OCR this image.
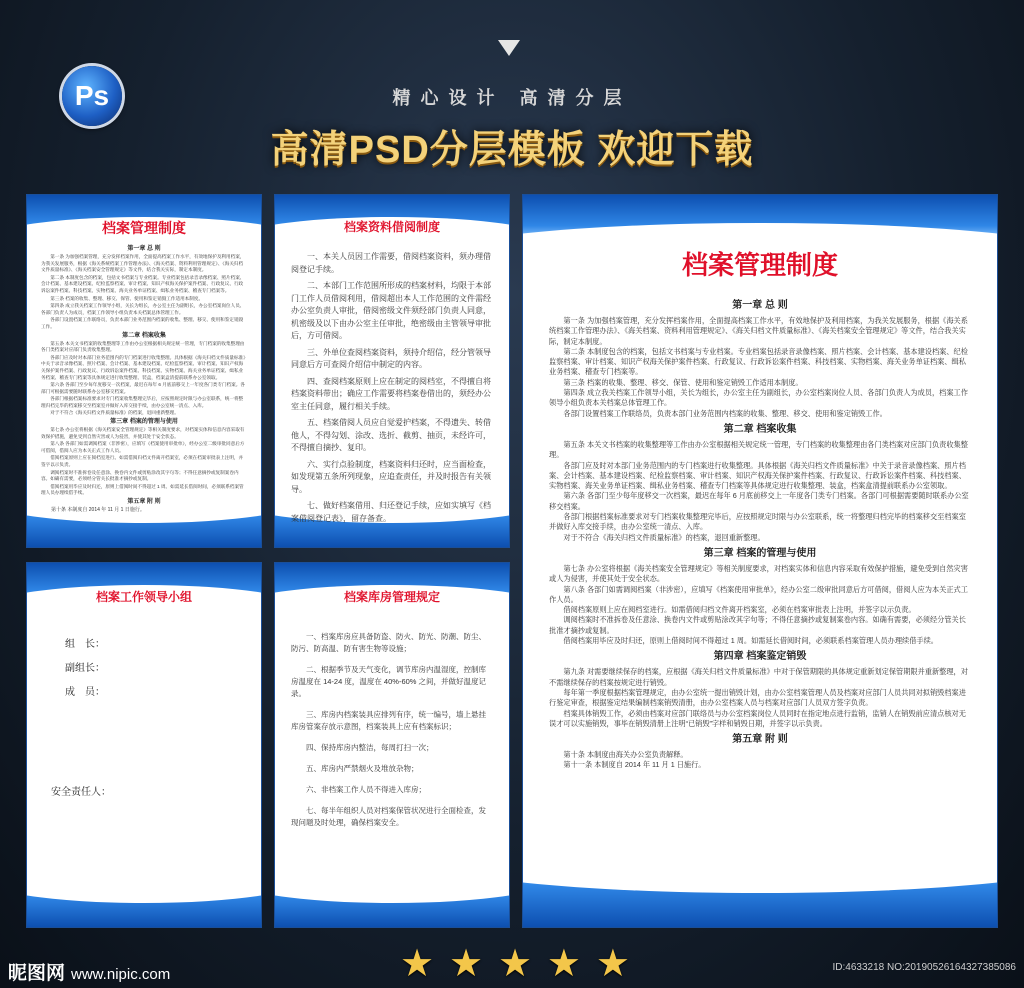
Ps	精心设计 高清分层
高清PSD分层模板 欢迎下载
档案管理制度
第一章 总 则

第一条 为加强档案管理，充分发挥档案作用，全面提高档案工作水平，有效地保护及利用档案，为我关发展服务，根据《海关系统档案工作管理办法》、《海关档案、资料利用管理规定》、《海关归档文件质量标准》、《海关档案安全管理规定》等文件，结合我关实际，制定本制度。

第二条 本制度包含的档案，包括文书档案与专业档案。专业档案包括录音录像档案、照片档案、会计档案、基本建设档案、纪检监察档案、审计档案、知识产权海关保护案件档案、行政复议、行政诉讼案件档案、科技档案、实物档案、海关业务单证档案、缉私业务档案、稽查专门档案等。

第三条 档案的收集、整理、移交、保管、使用和鉴定销毁工作适用本制度。

第四条 成立我关档案工作领导小组，关长为组长，办公室主任为副组长，办公室档案岗位人员、各部门负责人为成员，档案工作领导小组负责本关档案总体管理工作。

各部门设置档案工作联络员，负责本部门业务范围内档案的收集、整理、移交、使用和鉴定销毁工作。

第二章 档案收集

第五条 本关文书档案的收集整理等工作由办公室根据相关规定统一管理，专门档案的收集整理由各门类档案对应部门负责收集整理。

各部门应及时对本部门业务范围内的专门档案进行收集整理。具体根据《海关归档文件质量标准》中关于录音录像档案、照片档案、会计档案、基本建设档案、纪检监察档案、审计档案、知识产权海关保护案件档案、行政复议、行政诉讼案件档案、科技档案、实物档案、海关业务单证档案、缉私业务档案、稽查专门档案等具体规定进行收集整理、装盒，档案盒清提前联系办公室领取。

第六条 各部门至少每年度移交一次档案，最迟在每年 6 月底前移交上一年度各门类专门档案。各部门可根据需要随时联系办公室移交档案。

各部门根据档案标准要求对专门档案收集整理完毕后，应按照规定时限与办公室联系，统一将整理归档完毕的档案移交至档案室并做好入库交接手续，由办公室统一清点、入库。

对于不符合《海关归档文件质量标准》的档案，退回重新整理。

第三章 档案的管理与使用

第七条 办公室将根据《海关档案安全管理规定》等相关制度要求，对档案实体和信息内容采取有效保护措施，避免受到自然灾害或人为侵害，并使其处于安全状态。

第八条 各部门如需调阅档案（非涉密），应填写《档案使用审批单》，经办公室二级审批同意后方可借阅，借阅人应为本关正式工作人员。

借阅档案原则上应在阅档室进行。如需借阅归档文件离开档案室，必须在档案审批表上注明，并签字以示负责。

调阅档案时不准拆卷及任意涂、换卷内文件或剪贴涂改其字句等；不得任意摘抄或复制案卷内容。如确有需要，必须经分管关长批准才摘抄或复制。

借阅档案用毕应及时归还，原则上借阅时间不得超过 1 周。如需延长借阅时间，必须联系档案管理人员办理续借手续。

第五章 附 则
第十条 本制度自 2014 年 11 月 1 日施行。
档案资料借阅制度

一、本关人员因工作需要，借阅档案资料，须办理借阅登记手续。

二、本部门工作范围所形成的档案材料，均限于本部门工作人员借阅利用，借阅超出本人工作范围的文件需经办公室负责人审批，借阅密级文件须经部门负责人同意，机密级及以下由办公室主任审批，绝密级由主管领导审批后，方可借阅。

三、外单位查阅档案资料，须持介绍信，经分管领导同意后方可查阅介绍信中制定的内容。

四、查阅档案原则上应在制定的阅档室，不得擅自将档案资料带出；确应工作需要将档案卷借出的，须经办公室主任同意，履行相关手续。

五、档案借阅人员应自觉爱护档案，不得遗失、转借他人，不得勾划、涂改、选折、截剪、抽页，未经许可，不得擅自摘抄、复印。

六、实行点验制度，档案资料归还时，应当面检查，如发现第五条所列现象，应追查责任，并及时报告有关领导。

七、做好档案借用、归还登记手续，应如实填写《档案借阅登记表》，留存备查。

档案工作领导小组
组　长：
副组长：
成　员：
安全责任人：
档案库房管理规定

一、档案库房应具备防盗、防火、防光、防潮、防尘、防污、防高温、防有害生物等设施；

二、根据季节及天气变化，调节库房内温湿度，控制库房温度在 14-24 度，温度在 40%-60% 之间，并做好温度记录。

三、库房内档案装具应排列有序，统一编号，墙上悬挂库房管案存放示意图，档案装具上应有档案标识；

四、保持库房内整洁，每周打扫一次；

五、库房内严禁烟火及堆放杂物；

六、非档案工作人员不得进入库房；

七、每半年组织人员对档案保管状况进行全面检查，发现问题及时处理，确保档案安全。

档案管理制度
第一章 总 则

第一条 为加强档案管理，充分发挥档案作用，全面提高档案工作水平，有效地保护及利用档案，为我关发展服务，根据《海关系统档案工作管理办法》、《海关档案、资料利用管理规定》、《海关归档文件质量标准》、《海关档案安全管理规定》等文件，结合我关实际，制定本制度。

第二条 本制度包含的档案，包括文书档案与专业档案。专业档案包括录音录像档案、照片档案、会计档案、基本建设档案、纪检监察档案、审计档案、知识产权海关保护案件档案、行政复议、行政诉讼案件档案、科技档案、实物档案、海关业务单证档案、缉私业务档案、稽查专门档案等。

第三条 档案的收集、整理、移交、保管、使用和鉴定销毁工作适用本制度。

第四条 成立我关档案工作领导小组，关长为组长，办公室主任为副组长，办公室档案岗位人员、各部门负责人为成员，档案工作领导小组负责本关档案总体管理工作。

各部门设置档案工作联络员，负责本部门业务范围内档案的收集、整理、移交、使用和鉴定销毁工作。

第二章 档案收集

第五条 本关文书档案的收集整理等工作由办公室根据相关规定统一管理，专门档案的收集整理由各门类档案对应部门负责收集整理。

各部门应及时对本部门业务范围内的专门档案进行收集整理。具体根据《海关归档文件质量标准》中关于录音录像档案、照片档案、会计档案、基本建设档案、纪检监察档案、审计档案、知识产权海关保护案件档案、行政复议、行政诉讼案件档案、科技档案、实物档案、海关业务单证档案、缉私业务档案、稽查专门档案等具体规定进行收集整理、装盒，档案盒清提前联系办公室领取。

第六条 各部门至少每年度移交一次档案，最迟在每年 6 月底前移交上一年度各门类专门档案。各部门可根据需要随时联系办公室移交档案。

各部门根据档案标准要求对专门档案收集整理完毕后，应按照规定时限与办公室联系，统一将整理归档完毕的档案移交至档案室并做好入库交接手续，由办公室统一清点、入库。

对于不符合《海关归档文件质量标准》的档案，退回重新整理。

第三章 档案的管理与使用

第七条 办公室将根据《海关档案安全管理规定》等相关制度要求，对档案实体和信息内容采取有效保护措施，避免受到自然灾害或人为侵害，并使其处于安全状态。

第八条 各部门如需调阅档案（非涉密），应填写《档案使用审批单》，经办公室二级审批同意后方可借阅，借阅人应为本关正式工作人员。

借阅档案原则上应在阅档室进行。如需借阅归档文件离开档案室，必须在档案审批表上注明，并签字以示负责。

调阅档案时不准拆卷及任意涂、换卷内文件或剪贴涂改其字句等；不得任意摘抄或复制案卷内容。如确有需要，必须经分管关长批准才摘抄或复制。

借阅档案用毕应及时归还，原则上借阅时间不得超过 1 周。如需延长借阅时间，必须联系档案管理人员办理续借手续。

第四章 档案鉴定销毁

第九条 对需要继续保存的档案，应根据《海关归档文件质量标准》中对于保管期限的具体规定重新划定保管期限并重新整理，对不需继续保存的档案按规定进行销毁。

每年第一季度根据档案管理规定，由办公室统一提出销毁计划，由办公室档案管理人员及档案对应部门人员共同对拟销毁档案进行鉴定审查，根据鉴定结果编制档案销毁清册，由办公室档案人员与档案对应部门人员双方签字负责。

档案具体销毁工作，必须由档案对应部门联络员与办公室档案岗位人员同时在指定地点进行监销，监销人在销毁前应清点核对无误才可以实施销毁，事毕在销毁清册上注明“已销毁”字样和销毁日期，并签字以示负责。

第五章 附 则

第十条 本制度由海关办公室负责解释。

第十一条 本制度自 2014 年 11 月 1 日施行。

昵图网 www.nipic.com	★ ★ ★ ★ ★	ID:4633218 NO:20190526164327385086
